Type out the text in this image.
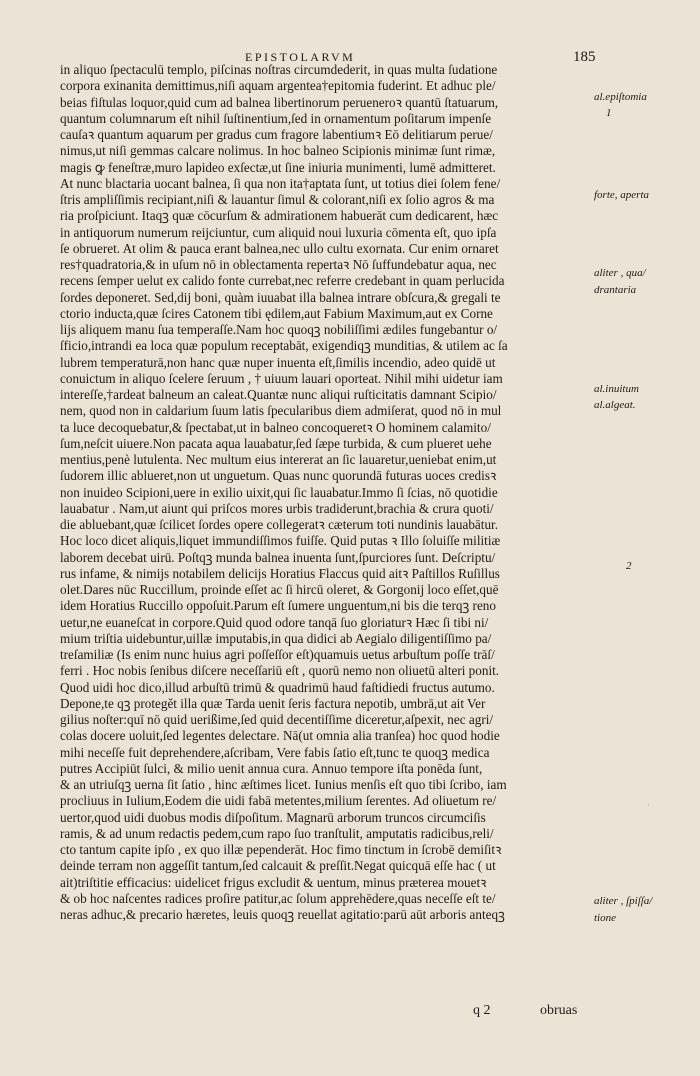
EPISTOLARVM	185
in aliquo ſpectaculū templo, piſcinas noſtras circumdederit, in quas multa ſudatione
corpora exinanita demittimus,niſi aquam argentea†epitomia fuderint. Et adhuc ple/
beias fiſtulas loquor,quid cum ad balnea libertinorum perueneroꝛ quantū ſtatuarum,
quantum columnarum eſt nihil ſuſtinentium,ſed in ornamentum poſitarum impenſe
cauſaꝛ quantum aquarum per gradus cum fragore labentiumꝛ Eō delitiarum perue/
nimus,ut niſi gemmas calcare nolimus. In hoc balneo Scipionis minimæ ſunt rimæ,
magis ꝙ feneſtræ,muro lapideo exſectæ,ut ſine iniuria munimenti, lumē admitteret.
At nunc blactaria uocant balnea, ſi qua non ita†aptata ſunt, ut totius diei ſolem fene/
ſtris ampliſſimis recipiant,niſi & lauantur ſimul & colorant,niſi ex ſolio agros & ma
ria proſpiciunt. Itaqꝫ quæ cōcurſum & admirationem habuerāt cum dedicarent, hæc
in antiquorum numerum reijciuntur, cum aliquid noui luxuria cōmenta eſt, quo ipſa
ſe obrueret. At olim & pauca erant balnea,nec ullo cultu exornata. Cur enim ornaret
res†quadratoria,& in uſum nō in oblectamenta repertaꝛ Nō ſuffundebatur aqua, nec
recens ſemper uelut ex calido fonte currebat,nec referre credebant in quam perlucida
ſordes deponeret. Sed,dij boni, quàm iuuabat illa balnea intrare obſcura,& gregali te
ctorio inducta,quæ ſcires Catonem tibi ędilem,aut Fabium Maximum,aut ex Corne
lijs aliquem manu ſua temperaſſe.Nam hoc quoqꝫ nobiliſſimi ædiles fungebantur o/
ſficio,intrandi ea loca quæ populum receptabāt, exigendiqꝫ munditias, & utilem ac ſa
lubrem temperaturā,non hanc quæ nuper inuenta eſt,ſimilis incendio, adeo quidē ut
conuictum in aliquo ſcelere ſeruum , † uiuum lauari oporteat. Nihil mihi uidetur iam
intereſſe,†ardeat balneum an caleat.Quantæ nunc aliqui ruſticitatis damnant Scipio/
nem, quod non in caldarium ſuum latis ſpecularibus diem admiſerat, quod nō in mul
ta luce decoquebatur,& ſpectabat,ut in balneo concoqueretꝛ O hominem calamito/
ſum,neſcit uiuere.Non pacata aqua lauabatur,ſed ſæpe turbida, & cum plueret uehe
mentius,penè lutulenta. Nec multum eius intererat an ſic lauaretur,ueniebat enim,ut
ſudorem illic ablueret,non ut unguetum. Quas nunc quorundā futuras uoces credisꝛ
non inuideo Scipioni,uere in exilio uixit,qui ſic lauabatur.Immo ſi ſcias, nō quotidie
lauabatur . Nam,ut aiunt qui priſcos mores urbis tradiderunt,brachia & crura quoti/
die abluebant,quæ ſcilicet ſordes opere collegeratꝛ cæterum toti nundinis lauabātur.
Hoc loco dicet aliquis,liquet immundiſſimos fuiſſe. Quid putas ꝛ Illo ſoluiſſe militiæ
laborem decebat uirū. Poſtqꝫ munda balnea inuenta ſunt,ſpurciores ſunt. Deſcriptu/
rus infame, & nimijs notabilem delicijs Horatius Flaccus quid aitꝛ Paſtillos Ruſillus
olet.Dares nūc Ruccillum, proinde eſſet ac ſi hircū oleret, & Gorgonij loco eſſet,quē
idem Horatius Ruccillo oppoſuit.Parum eſt ſumere unguentum,ni bis die terqꝫ reno
uetur,ne euaneſcat in corpore.Quid quod odore tanqā ſuo gloriaturꝛ Hæc ſi tibi ni/
mium triſtia uidebuntur,uillæ imputabis,in qua didici ab Aegialo diligentiſſimo pa/
treſamiliæ (Is enim nunc huius agri poſſeſſor eſt)quamuis uetus arbuſtum poſſe trāſ/
ferri . Hoc nobis ſenibus diſcere neceſſariū eſt , quorū nemo non oliuetū alteri ponit.
Quod uidi hoc dico,illud arbuſtū trimū & quadrimū haud faſtidiedi fructus autumo.
Depone,te qꝫ protegět illa quæ Tarda uenit ſeris factura nepotib, umbrā,ut ait Ver
gilius noſter:quī nō quid uerißime,ſed quid decentiſſime diceretur,aſpexit, nec agri/
colas docere uoluit,ſed legentes delectare. Nā(ut omnia alia tranſea) hoc quod hodie
mihi neceſſe fuit deprehendere,aſcribam, Vere fabis ſatio eſt,tunc te quoqꝫ medica
putres Accipiūt ſulci, & milio uenit annua cura. Annuo tempore iſta ponēda ſunt,
& an utriuſqꝫ uerna ſit ſatio , hinc æſtimes licet. Iunius menſis eſt quo tibi ſcribo, iam
procliuus in Iulium,Eodem die uidi fabā metentes,milium ſerentes. Ad oliuetum re/
uertor,quod uidi duobus modis diſpoſitum. Magnarū arborum truncos circumciſis
ramis, & ad unum redactis pedem,cum rapo ſuo tranſtulit, amputatis radicibus,reli/
cto tantum capite ipſo , ex quo illæ pependerāt. Hoc fimo tinctum in ſcrobē demiſitꝛ
deinde terram non aggeſſit tantum,ſed calcauit & preſſit.Negat quicquā eſſe hac ( ut
ait)triſtitie efficacius: uidelicet frigus excludit & uentum, minus præterea mouetꝛ
& ob hoc naſcentes radices proſire patitur,ac ſolum apprehēdere,quas neceſſe eſt te/
neras adhuc,& precario hæretes, leuis quoqꝫ reuellat agitatio:parū aūt arboris anteqꝫ
al.epiſtomia
1
forte, aperta
aliter , qua/
drantaria
al.inuitum
al.algeat.
2
aliter , ſpiſſa/
tione
·
q 2	obruas
